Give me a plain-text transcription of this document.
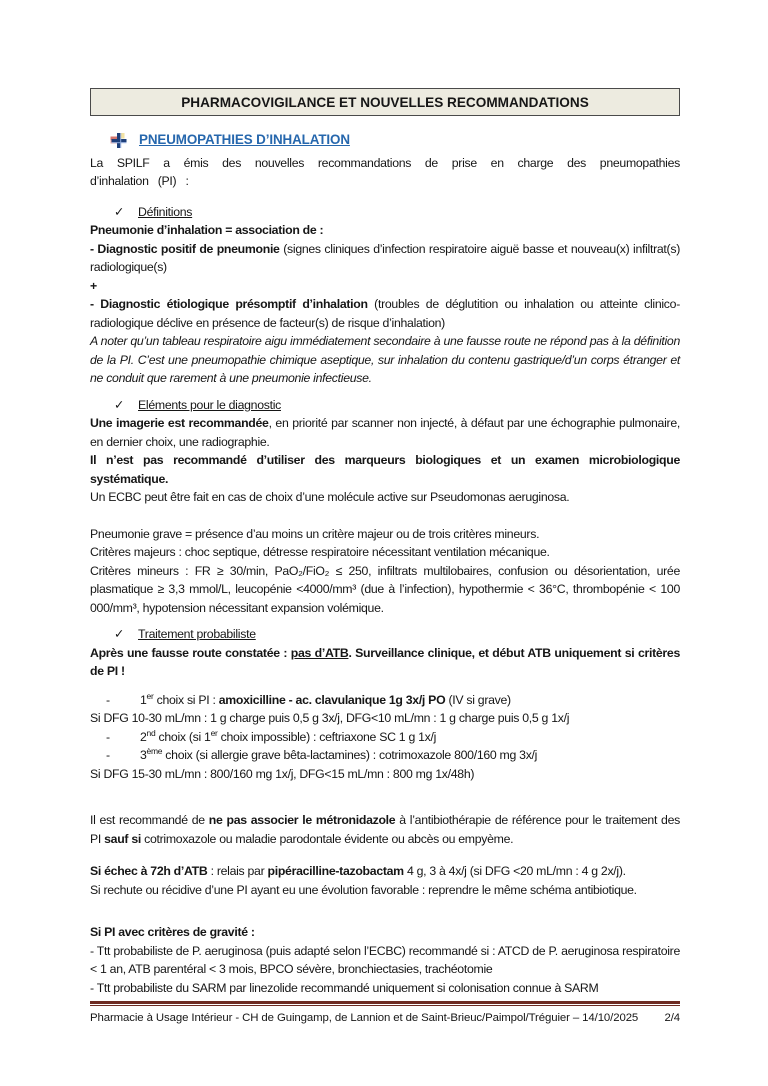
PHARMACOVIGILANCE ET NOUVELLES RECOMMANDATIONS
PNEUMOPATHIES D’INHALATION

La SPILF a émis des nouvelles recommandations de prise en charge des pneumopathies d’inhalation (PI) :

✓ Définitions

Pneumonie d’inhalation = association de :

- Diagnostic positif de pneumonie (signes cliniques d’infection respiratoire aiguë basse et nouveau(x) infiltrat(s) radiologique(s)

+

- Diagnostic étiologique présomptif d’inhalation (troubles de déglutition ou inhalation ou atteinte clinico-radiologique déclive en présence de facteur(s) de risque d’inhalation)

A noter qu’un tableau respiratoire aigu immédiatement secondaire à une fausse route ne répond pas à la définition de la PI. C’est une pneumopathie chimique aseptique, sur inhalation du contenu gastrique/d’un corps étranger et ne conduit que rarement à une pneumonie infectieuse.

✓ Eléments pour le diagnostic

Une imagerie est recommandée, en priorité par scanner non injecté, à défaut par une échographie pulmonaire, en dernier choix, une radiographie.

Il n’est pas recommandé d’utiliser des marqueurs biologiques et un examen microbiologique systématique.

Un ECBC peut être fait en cas de choix d’une molécule active sur Pseudomonas aeruginosa.

Pneumonie grave = présence d’au moins un critère majeur ou de trois critères mineurs.

Critères majeurs : choc septique, détresse respiratoire nécessitant ventilation mécanique.

Critères mineurs : FR ≥ 30/min, PaO₂/FiO₂ ≤ 250, infiltrats multilobaires, confusion ou désorientation, urée plasmatique ≥ 3,3 mmol/L, leucopénie <4000/mm³ (due à l’infection), hypothermie < 36°C, thrombopénie < 100 000/mm³, hypotension nécessitant expansion volémique.

✓ Traitement probabiliste

Après une fausse route constatée : pas d’ATB. Surveillance clinique, et début ATB uniquement si critères de PI !

-	1er choix si PI : amoxicilline - ac. clavulanique 1g 3x/j PO (IV si grave)

Si DFG 10-30 mL/mn : 1 g charge puis 0,5 g 3x/j, DFG<10 mL/mn : 1 g charge puis 0,5 g 1x/j

-	2nd choix (si 1er choix impossible) : ceftriaxone SC 1 g 1x/j
-	3ème choix (si allergie grave bêta-lactamines) : cotrimoxazole 800/160 mg 3x/j

Si DFG 15-30 mL/mn : 800/160 mg 1x/j, DFG<15 mL/mn : 800 mg 1x/48h)

Il est recommandé de ne pas associer le métronidazole à l’antibiothérapie de référence pour le traitement des PI sauf si cotrimoxazole ou maladie parodontale évidente ou abcès ou empyème.

Si échec à 72h d’ATB : relais par pipéracilline-tazobactam 4 g, 3 à 4x/j (si DFG <20 mL/mn : 4 g 2x/j).

Si rechute ou récidive d’une PI ayant eu une évolution favorable : reprendre le même schéma antibiotique.

Si PI avec critères de gravité :

- Ttt probabiliste de P. aeruginosa (puis adapté selon l’ECBC) recommandé si : ATCD de P. aeruginosa respiratoire < 1 an, ATB parentéral < 3 mois, BPCO sévère, bronchiectasies, trachéotomie

- Ttt probabiliste du SARM par linezolide recommandé uniquement si colonisation connue à SARM

Pharmacie à Usage Intérieur - CH de Guingamp, de Lannion et de Saint-Brieuc/Paimpol/Tréguier – 14/10/2025 2/4
